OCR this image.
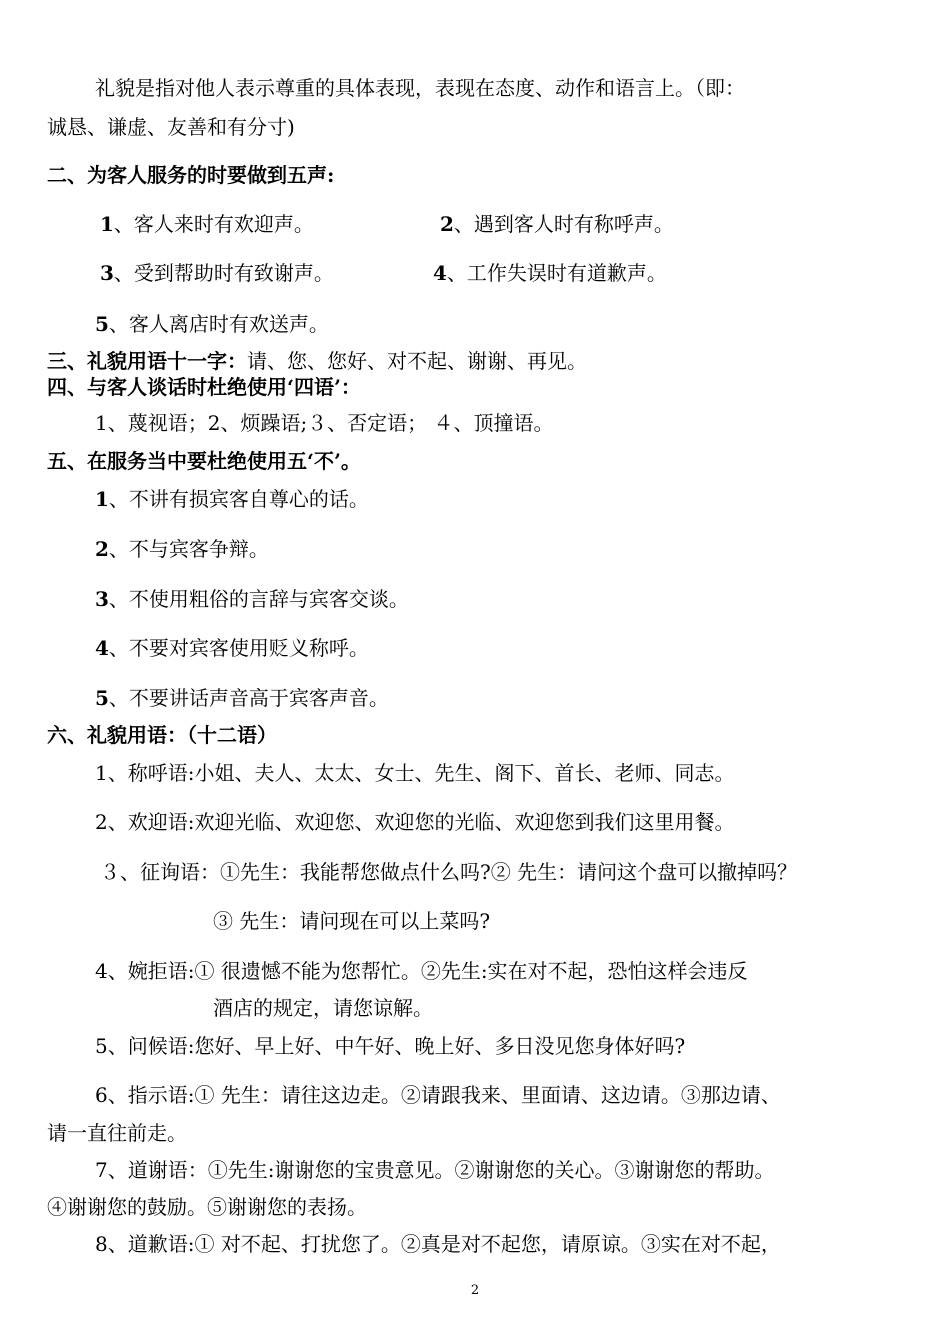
礼貌是指对他人表示尊重的具体表现，表现在态度、动作和语言上。（即：
诚恳、谦虚、友善和有分寸)
二、为客人服务的时要做到五声:
1、客人来时有欢迎声。	2、遇到客人时有称呼声。
3、受到帮助时有致谢声。	4、工作失误时有道歉声。
5、客人离店时有欢送声。
三、礼貌用语十一字：请、您、您好、对不起、谢谢、再见。
四、与客人谈话时杜绝使用‘四语’：
1、蔑视语；2、烦躁语;３、否定语； ４、顶撞语。
五、在服务当中要杜绝使用五‘不’。
1、不讲有损宾客自尊心的话。
2、不与宾客争辩。
3、不使用粗俗的言辞与宾客交谈。
4、不要对宾客使用贬义称呼。
5、不要讲话声音高于宾客声音。
六、礼貌用语：（十二语）
1、称呼语:小姐、夫人、太太、女士、先生、阁下、首长、老师、同志。
2、欢迎语:欢迎光临、欢迎您、欢迎您的光临、欢迎您到我们这里用餐。
３、征询语：①先生：我能帮您做点什么吗?② 先生：请问这个盘可以撤掉吗？
③ 先生：请问现在可以上菜吗?
4、婉拒语:① 很遗憾不能为您帮忙。②先生:实在对不起，恐怕这样会违反
酒店的规定，请您谅解。
5、问候语:您好、早上好、中午好、晚上好、多日没见您身体好吗?
6、指示语:① 先生：请往这边走。②请跟我来、里面请、这边请。③那边请、
请一直往前走。
7、道谢语：①先生:谢谢您的宝贵意见。②谢谢您的关心。③谢谢您的帮助。
④谢谢您的鼓励。⑤谢谢您的表扬。
8、道歉语:① 对不起、打扰您了。②真是对不起您，请原谅。③实在对不起，
2
